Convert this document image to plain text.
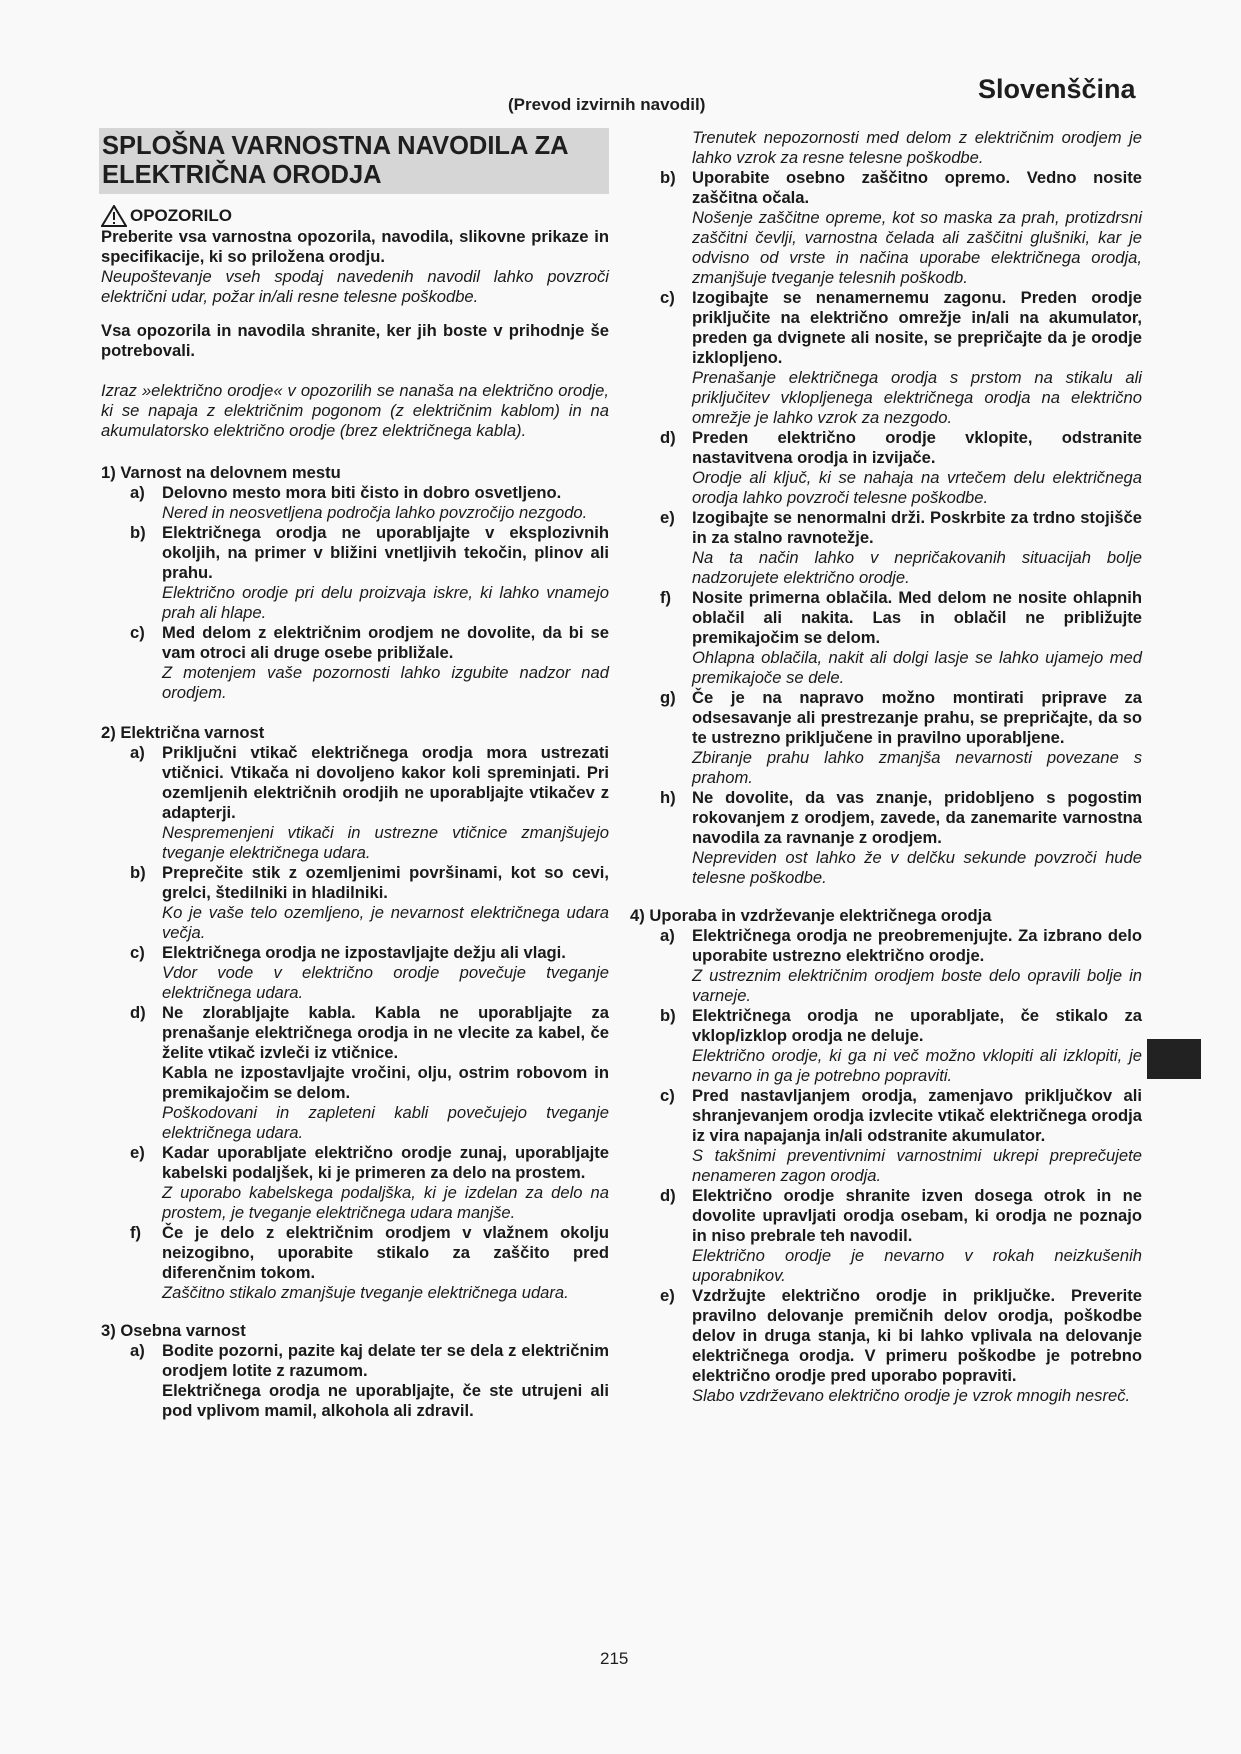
Slovenščina
(Prevod izvirnih navodil)
215
SPLOŠNA VARNOSTNA NAVODILA ZA ELEKTRIČNA ORODJA
OPOZORILO

Preberite vsa varnostna opozorila, navodila, slikovne prikaze in specifikacije, ki so priložena orodju.

Neupoštevanje vseh spodaj navedenih navodil lahko povzroči električni udar, požar in/ali resne telesne poškodbe.

Vsa opozorila in navodila shranite, ker jih boste v prihodnje še potrebovali.

Izraz »električno orodje« v opozorilih se nanaša na električno orodje, ki se napaja z električnim pogonom (z električnim kablom) in na akumulatorsko električno orodje (brez električnega kabla).

1) Varnost na delovnem mestu

a)	Delovno mesto mora biti čisto in dobro osvetljeno.

Nered in neosvetljena področja lahko povzročijo nezgodo.

b) Električnega orodja ne uporabljajte v eksplozivnih okoljih, na primer v bližini vnetljivih tekočin, plinov ali prahu.

Električno orodje pri delu proizvaja iskre, ki lahko vnamejo prah ali hlape.

c)	Med delom z električnim orodjem ne dovolite, da bi se vam otroci ali druge osebe približale.

Z motenjem vaše pozornosti lahko izgubite nadzor nad orodjem.

2) Električna varnost

a)	Priključni vtikač električnega orodja mora ustrezati vtičnici. Vtikača ni dovoljeno kakor koli spreminjati. Pri ozemljenih električnih orodjih ne uporabljajte vtikačev z adapterji.

Nespremenjeni vtikači in ustrezne vtičnice zmanjšujejo tveganje električnega udara.

b) Preprečite stik z ozemljenimi površinami, kot so cevi, grelci, štedilniki in hladilniki.

Ko je vaše telo ozemljeno, je nevarnost električnega udara večja.

c)	Električnega orodja ne izpostavljajte dežju ali vlagi.

Vdor vode v električno orodje povečuje tveganje električnega udara.

d) Ne zlorabljajte kabla. Kabla ne uporabljajte za prenašanje električnega orodja in ne vlecite za kabel, če želite vtikač izvleči iz vtičnice.

Kabla ne izpostavljajte vročini, olju, ostrim robovom in premikajočim se delom.

Poškodovani in zapleteni kabli povečujejo tveganje električnega udara.

e)	Kadar uporabljate električno orodje zunaj, uporabljajte kabelski podaljšek, ki je primeren za delo na prostem.

Z uporabo kabelskega podaljška, ki je izdelan za delo na prostem, je tveganje električnega udara manjše.

f)	Če je delo z električnim orodjem v vlažnem okolju neizogibno, uporabite stikalo za zaščito pred diferenčnim tokom.

Zaščitno stikalo zmanjšuje tveganje električnega udara.

3) Osebna varnost

a)	Bodite pozorni, pazite kaj delate ter se dela z električnim orodjem lotite z razumom.

Električnega orodja ne uporabljajte, če ste utrujeni ali pod vplivom mamil, alkohola ali zdravil.

Trenutek nepozornosti med delom z električnim orodjem je lahko vzrok za resne telesne poškodbe.

b) Uporabite osebno zaščitno opremo. Vedno nosite zaščitna očala.

Nošenje zaščitne opreme, kot so maska za prah, protizdrsni zaščitni čevlji, varnostna čelada ali zaščitni glušniki, kar je odvisno od vrste in načina uporabe električnega orodja, zmanjšuje tveganje telesnih poškodb.

c)	Izogibajte se nenamernemu zagonu. Preden orodje priključite na električno omrežje in/ali na akumulator, preden ga dvignete ali nosite, se prepričajte da je orodje izklopljeno.

Prenašanje električnega orodja s prstom na stikalu ali priključitev vklopljenega električnega orodja na električno omrežje je lahko vzrok za nezgodo.

d) Preden električno orodje vklopite, odstranite nastavitvena orodja in izvijače.

Orodje ali ključ, ki se nahaja na vrtečem delu električnega orodja lahko povzroči telesne poškodbe.

e)	Izogibajte se nenormalni drži. Poskrbite za trdno stojišče in za stalno ravnotežje.

Na ta način lahko v nepričakovanih situacijah bolje nadzorujete električno orodje.

f)	Nosite primerna oblačila. Med delom ne nosite ohlapnih oblačil ali nakita. Las in oblačil ne približujte premikajočim se delom.

Ohlapna oblačila, nakit ali dolgi lasje se lahko ujamejo med premikajoče se dele.

g) Če je na napravo možno montirati priprave za odsesavanje ali prestrezanje prahu, se prepričajte, da so te ustrezno priključene in pravilno uporabljene.

Zbiranje prahu lahko zmanjša nevarnosti povezane s prahom.

h) Ne dovolite, da vas znanje, pridobljeno s pogostim rokovanjem z orodjem, zavede, da zanemarite varnostna navodila za ravnanje z orodjem.

Nepreviden ost lahko že v delčku sekunde povzroči hude telesne poškodbe.

4) Uporaba in vzdrževanje električnega orodja

a)	Električnega orodja ne preobremenjujte. Za izbrano delo uporabite ustrezno električno orodje.

Z ustreznim električnim orodjem boste delo opravili bolje in varneje.

b) Električnega orodja ne uporabljate, če stikalo za vklop/izklop orodja ne deluje.

Električno orodje, ki ga ni več možno vklopiti ali izklopiti, je nevarno in ga je potrebno popraviti.

c)	Pred nastavljanjem orodja, zamenjavo priključkov ali shranjevanjem orodja izvlecite vtikač električnega orodja iz vira napajanja in/ali odstranite akumulator.

S takšnimi preventivnimi varnostnimi ukrepi preprečujete nenameren zagon orodja.

d) Električno orodje shranite izven dosega otrok in ne dovolite upravljati orodja osebam, ki orodja ne poznajo in niso prebrale teh navodil.

Električno orodje je nevarno v rokah neizkušenih uporabnikov.

e)	Vzdržujte električno orodje in priključke. Preverite pravilno delovanje premičnih delov orodja, poškodbe delov in druga stanja, ki bi lahko vplivala na delovanje električnega orodja. V primeru poškodbe je potrebno električno orodje pred uporabo popraviti.

Slabo vzdrževano električno orodje je vzrok mnogih nesreč.
